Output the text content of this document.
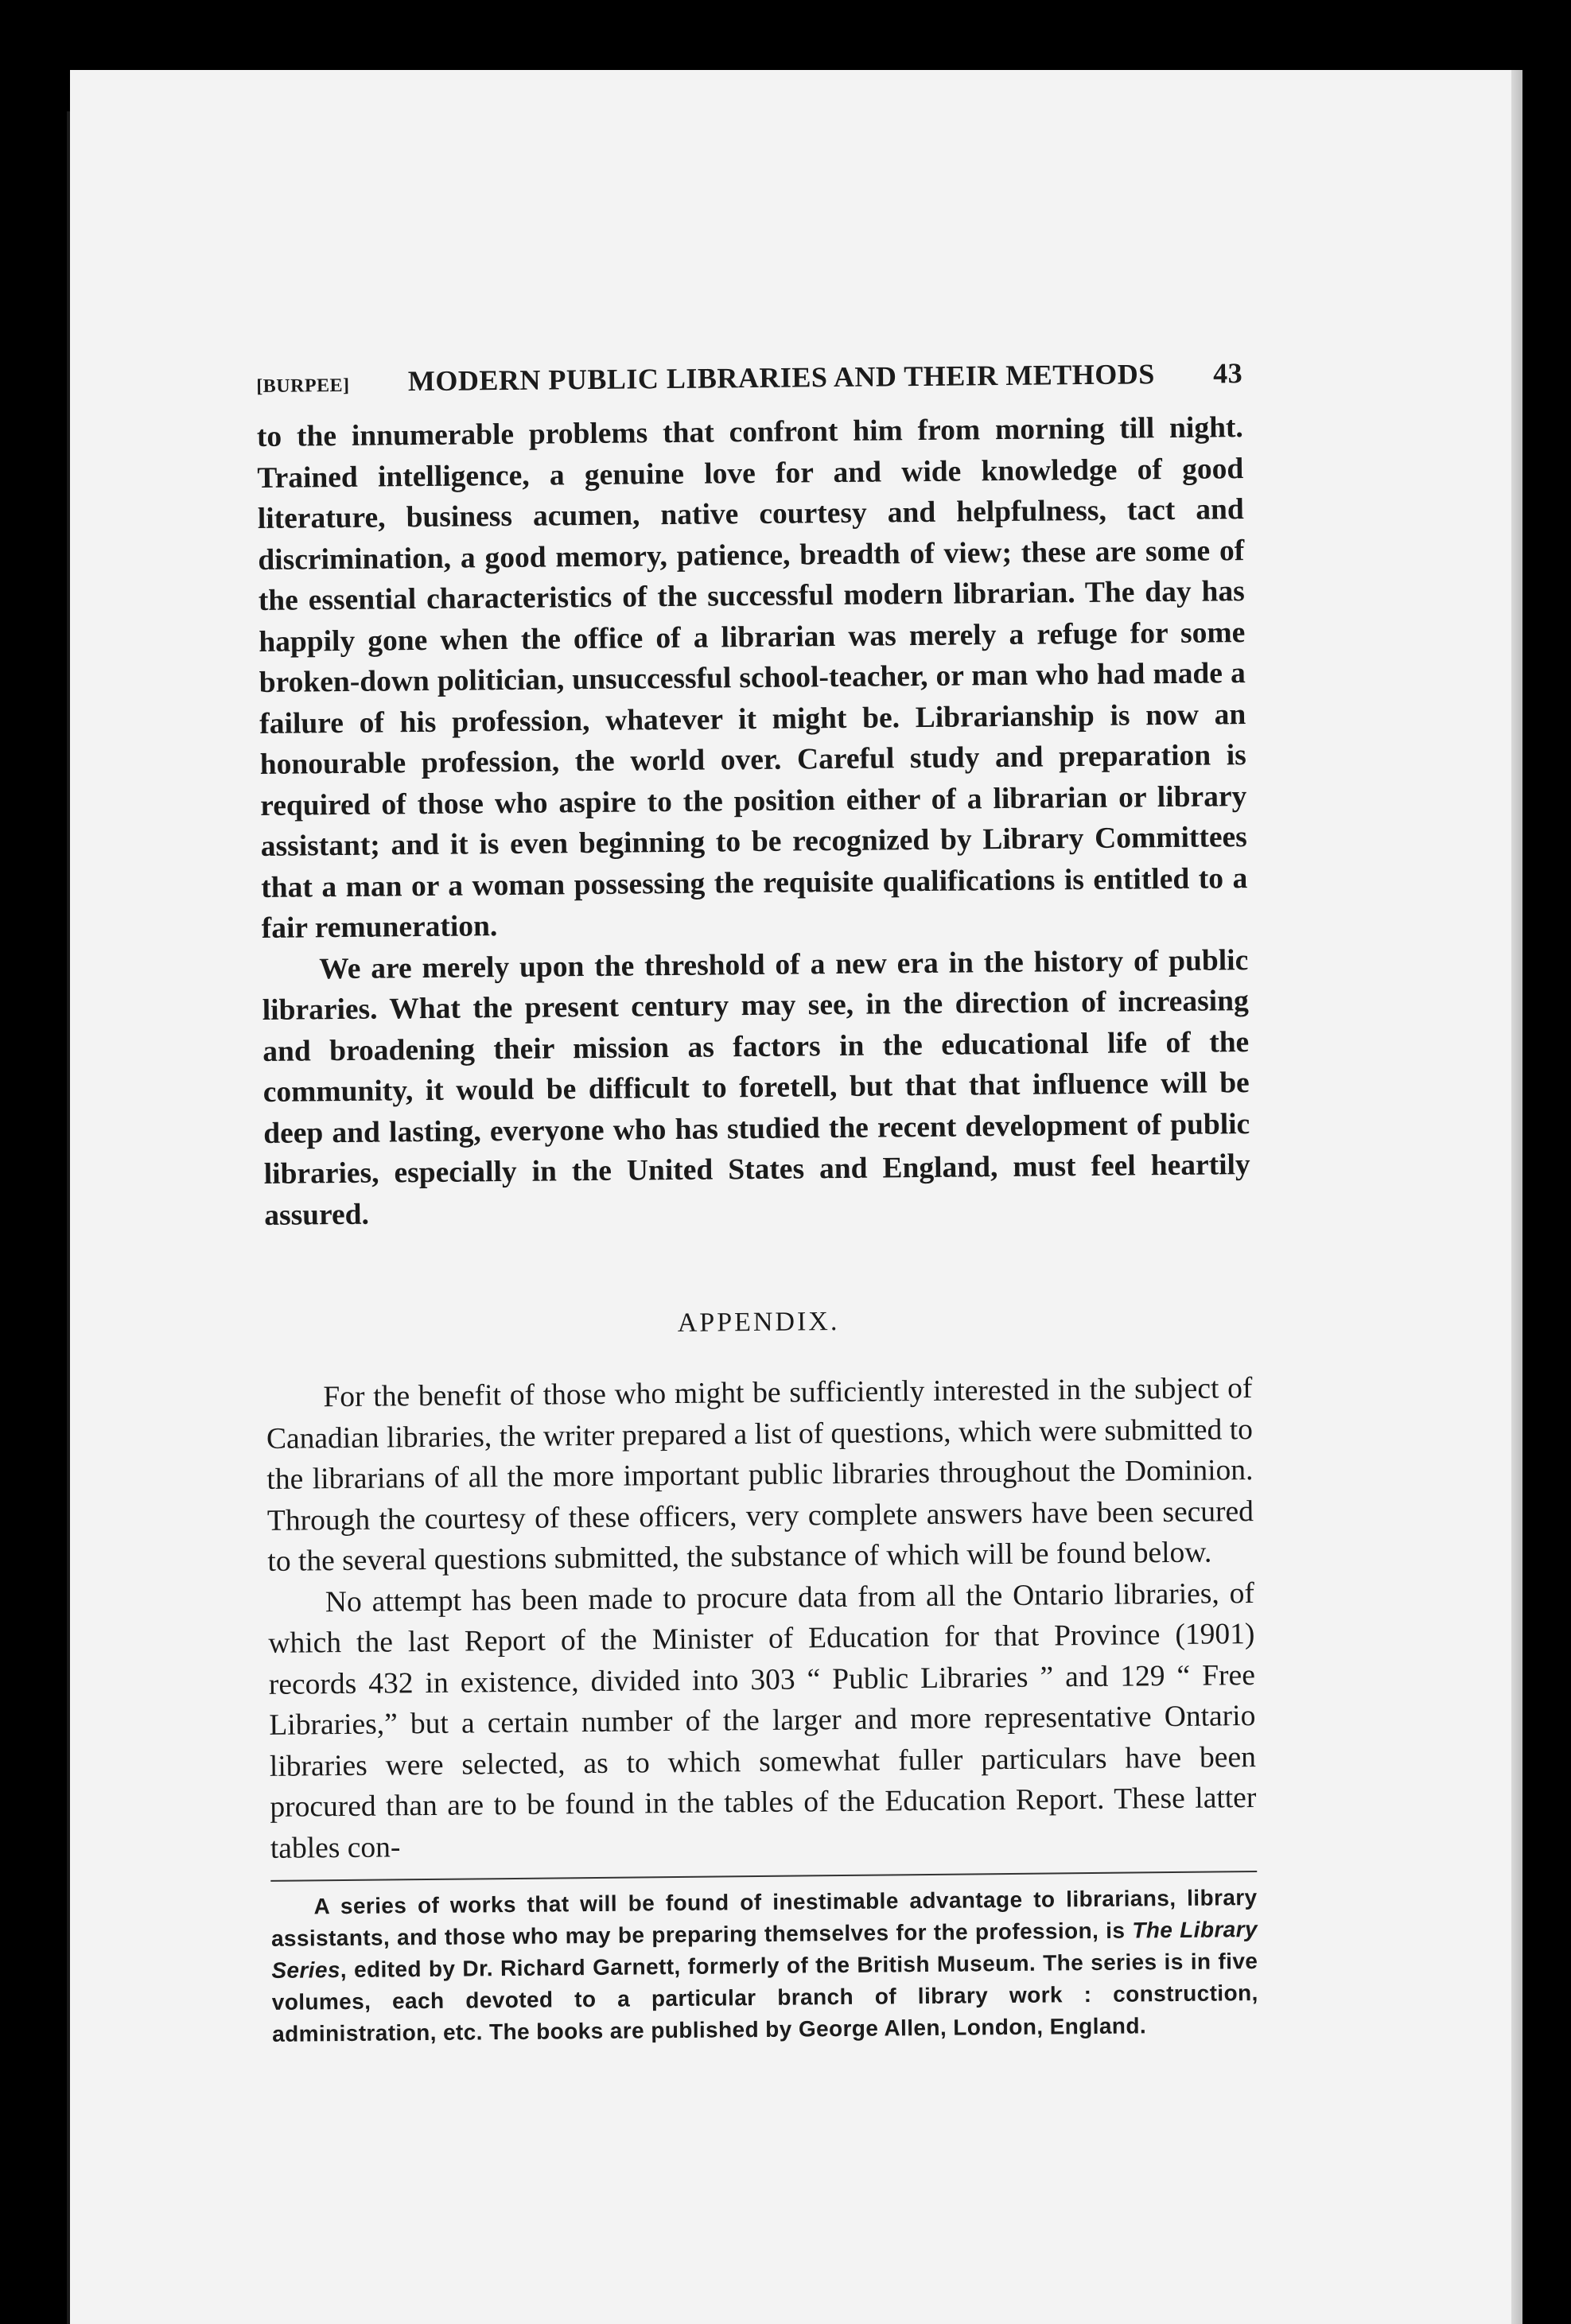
[BURPEE]	MODERN PUBLIC LIBRARIES AND THEIR METHODS	43

to the innumerable problems that confront him from morning till night. Trained intelligence, a genuine love for and wide knowledge of good literature, business acumen, native courtesy and helpfulness, tact and discrimination, a good memory, patience, breadth of view; these are some of the essential characteristics of the successful modern librarian. The day has happily gone when the office of a librarian was merely a refuge for some broken-down politician, unsuccessful school-teacher, or man who had made a failure of his profession, whatever it might be. Librarianship is now an honourable profession, the world over. Careful study and preparation is required of those who aspire to the position either of a librarian or library assistant; and it is even beginning to be recognized by Library Committees that a man or a woman possessing the requisite qualifications is entitled to a fair remuneration.

We are merely upon the threshold of a new era in the history of public libraries. What the present century may see, in the direction of increasing and broadening their mission as factors in the educational life of the community, it would be difficult to foretell, but that that influence will be deep and lasting, everyone who has studied the recent development of public libraries, especially in the United States and England, must feel heartily assured.

APPENDIX.

For the benefit of those who might be sufficiently interested in the subject of Canadian libraries, the writer prepared a list of questions, which were submitted to the librarians of all the more important public libraries throughout the Dominion. Through the courtesy of these officers, very complete answers have been secured to the several questions submitted, the substance of which will be found below.

No attempt has been made to procure data from all the Ontario libraries, of which the last Report of the Minister of Education for that Province (1901) records 432 in existence, divided into 303 “ Public Libraries ” and 129 “ Free Libraries,” but a certain number of the larger and more representative Ontario libraries were selected, as to which somewhat fuller particulars have been procured than are to be found in the tables of the Education Report. These latter tables con-

A series of works that will be found of inestimable advantage to librarians, library assistants, and those who may be preparing themselves for the profession, is The Library Series, edited by Dr. Richard Garnett, formerly of the British Museum. The series is in five volumes, each devoted to a particular branch of library work : construction, administration, etc. The books are published by George Allen, London, England.
